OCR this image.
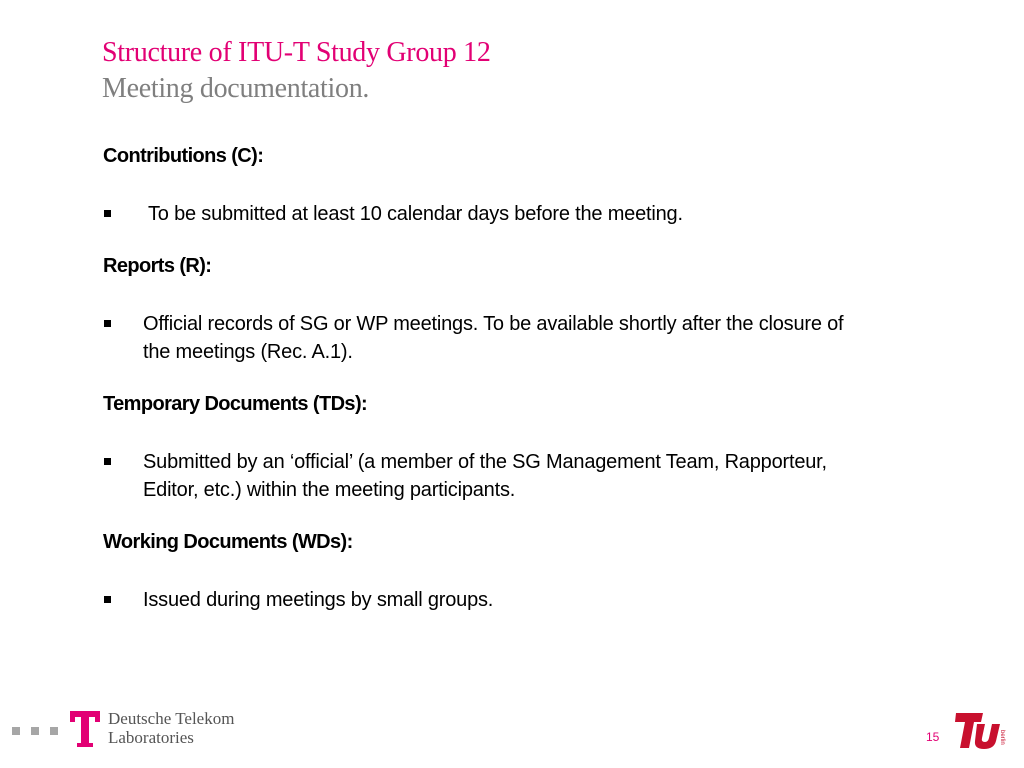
Structure of ITU-T Study Group 12
Meeting documentation.

Contributions (C):

To be submitted at least 10 calendar days before the meeting.

Reports (R):

Official records of SG or WP meetings. To be available shortly after the closure of
the meetings (Rec. A.1).

Temporary Documents (TDs):

Submitted by an ‘official’ (a member of the SG Management Team, Rapporteur,
Editor, etc.) within the meeting participants.

Working Documents (WDs):

Issued during meetings by small groups.
Deutsche Telekom
Laboratories	15	berlin
